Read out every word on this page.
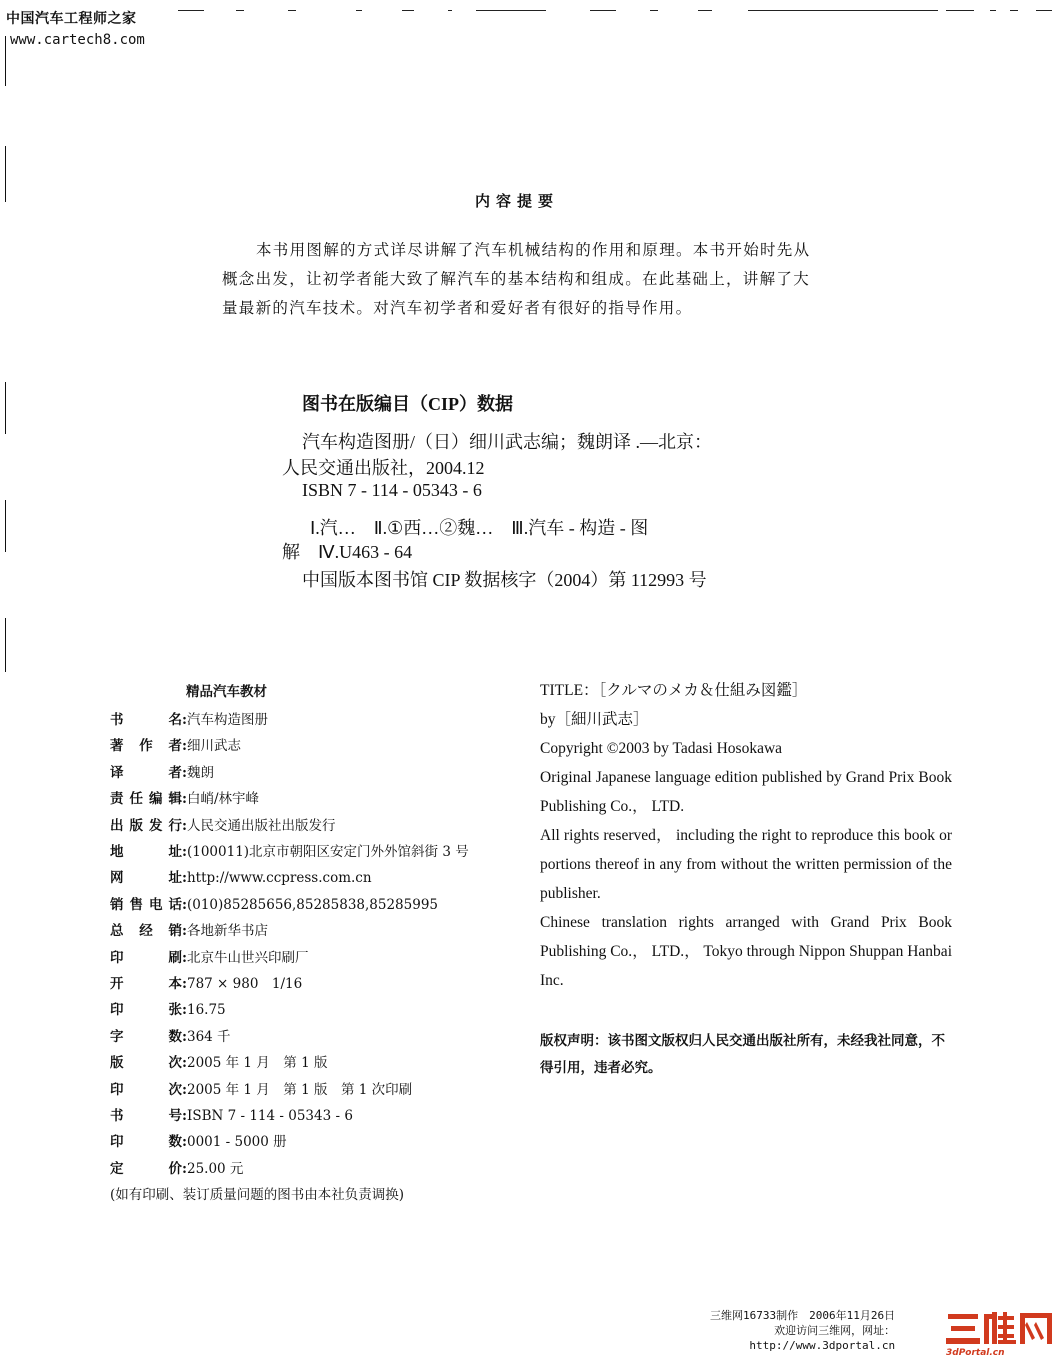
中国汽车工程师之家
www.cartech8.com
内容提要
本书用图解的方式详尽讲解了汽车机械结构的作用和原理。本书开始时先从概念出发，让初学者能大致了解汽车的基本结构和组成。在此基础上，讲解了大量最新的汽车技术。对汽车初学者和爱好者有很好的指导作用。
图书在版编目（CIP）数据
汽车构造图册/（日）细川武志编；魏朗译 .—北京：
人民交通出版社，2004.12
ISBN 7 - 114 - 05343 - 6
Ⅰ.汽…　Ⅱ.①西…②魏…　Ⅲ.汽车 - 构造 - 图
解　Ⅳ.U463 - 64
中国版本图书馆 CIP 数据核字（2004）第 112993 号
精品汽车教材
书　　名:汽车构造图册
著　作　者:细川武志
译　　者:魏朗
责任编辑:白峭/林宇峰
出版发行:人民交通出版社出版发行
地　　址:(100011)北京市朝阳区安定门外外馆斜街 3 号
网　　址:http://www.ccpress.com.cn
销售电话:(010)85285656,85285838,85285995
总　经　销:各地新华书店
印　　刷:北京牛山世兴印刷厂
开　　本:787 × 980　1/16
印　　张:16.75
字　　数:364 千
版　　次:2005 年 1 月　第 1 版
印　　次:2005 年 1 月　第 1 版　第 1 次印刷
书　　号:ISBN 7 - 114 - 05343 - 6
印　　数:0001 - 5000 册
定　　价:25.00 元
(如有印刷、装订质量问题的图书由本社负责调换)

TITLE：［クルマのメカ＆仕組み図鑑］

by［細川武志］

Copyright ©2003 by Tadasi Hosokawa

Original Japanese language edition published by Grand Prix Book Publishing Co.， LTD.

All rights reserved， including the right to reproduce this book or portions thereof in any from without the written permission of the publisher.

Chinese translation rights arranged with Grand Prix Book Publishing Co.， LTD.， Tokyo through Nippon Shuppan Hanbai Inc.

版权声明：该书图文版权归人民交通出版社所有，未经我社同意，不得引用，违者必究。
三维网16733制作　2006年11月26日
欢迎访问三维网，网址：
http://www.3dportal.cn
3dPortal.cn
